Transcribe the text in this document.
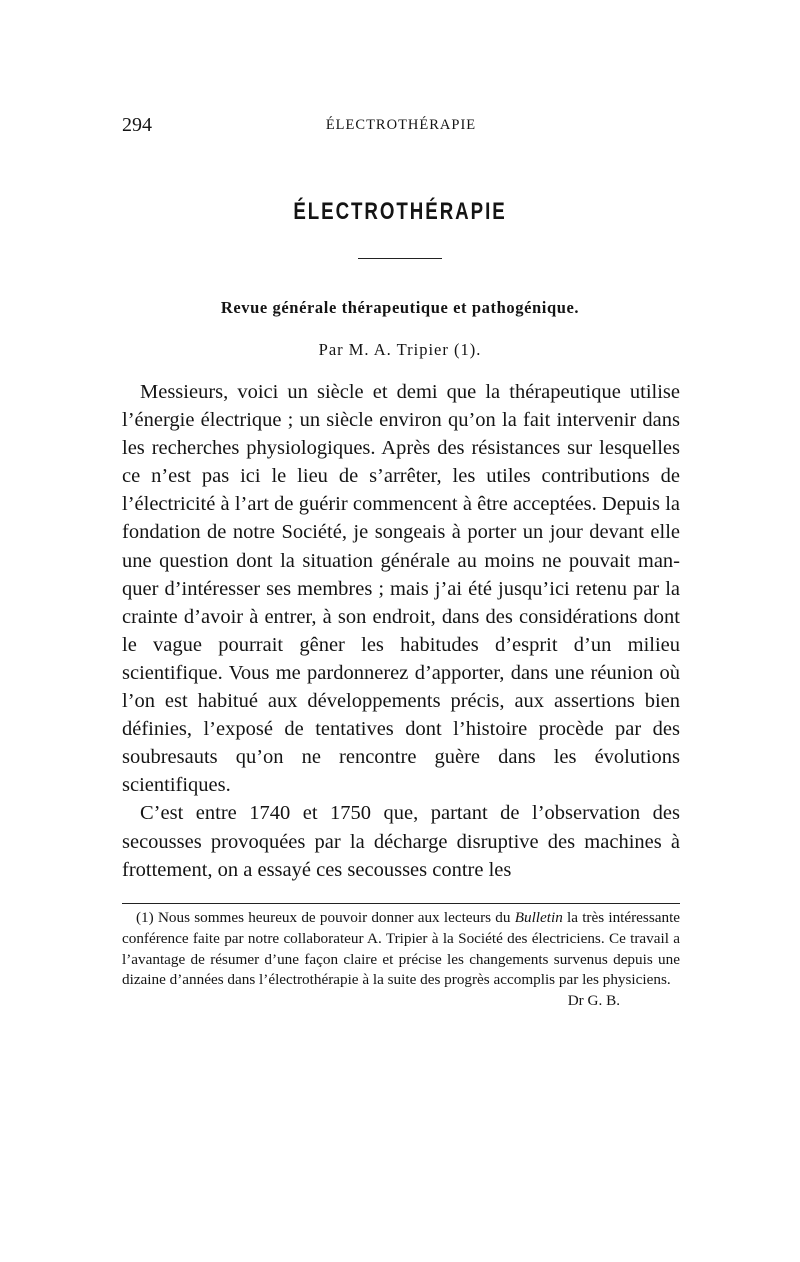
294	ÉLECTROTHÉRAPIE
ÉLECTROTHÉRAPIE
Revue générale thérapeutique et pathogénique.
Par M. A. Tripier (1).

Messieurs, voici un siècle et demi que la thérapeutique utilise l’énergie électrique ; un siècle environ qu’on la fait intervenir dans les recherches physiologiques. Après des résistances sur lesquelles ce n’est pas ici le lieu de s’arrêter, les utiles contributions de l’électricité à l’art de guérir commencent à être acceptées. Depuis la fondation de notre Société, je songeais à porter un jour devant elle une question dont la situation générale au moins ne pouvait manquer d’intéresser ses membres ; mais j’ai été jusqu’ici retenu par la crainte d’avoir à entrer, à son endroit, dans des considérations dont le vague pourrait gêner les habitudes d’esprit d’un milieu scientifique. Vous me pardonnerez d’apporter, dans une réunion où l’on est habitué aux développements précis, aux assertions bien définies, l’exposé de tentatives dont l’histoire procède par des soubresauts qu’on ne rencontre guère dans les évolutions scientifiques.

C’est entre 1740 et 1750 que, partant de l’observation des secousses provoquées par la décharge disruptive des machines à frottement, on a essayé ces secousses contre les

(1) Nous sommes heureux de pouvoir donner aux lecteurs du Bulletin la très intéressante conférence faite par notre collaborateur A. Tripier à la Société des électriciens. Ce travail a l’avantage de résumer d’une façon claire et précise les changements survenus depuis une dizaine d’années dans l’électrothérapie à la suite des progrès accomplis par les physiciens.
Dr G. B.
